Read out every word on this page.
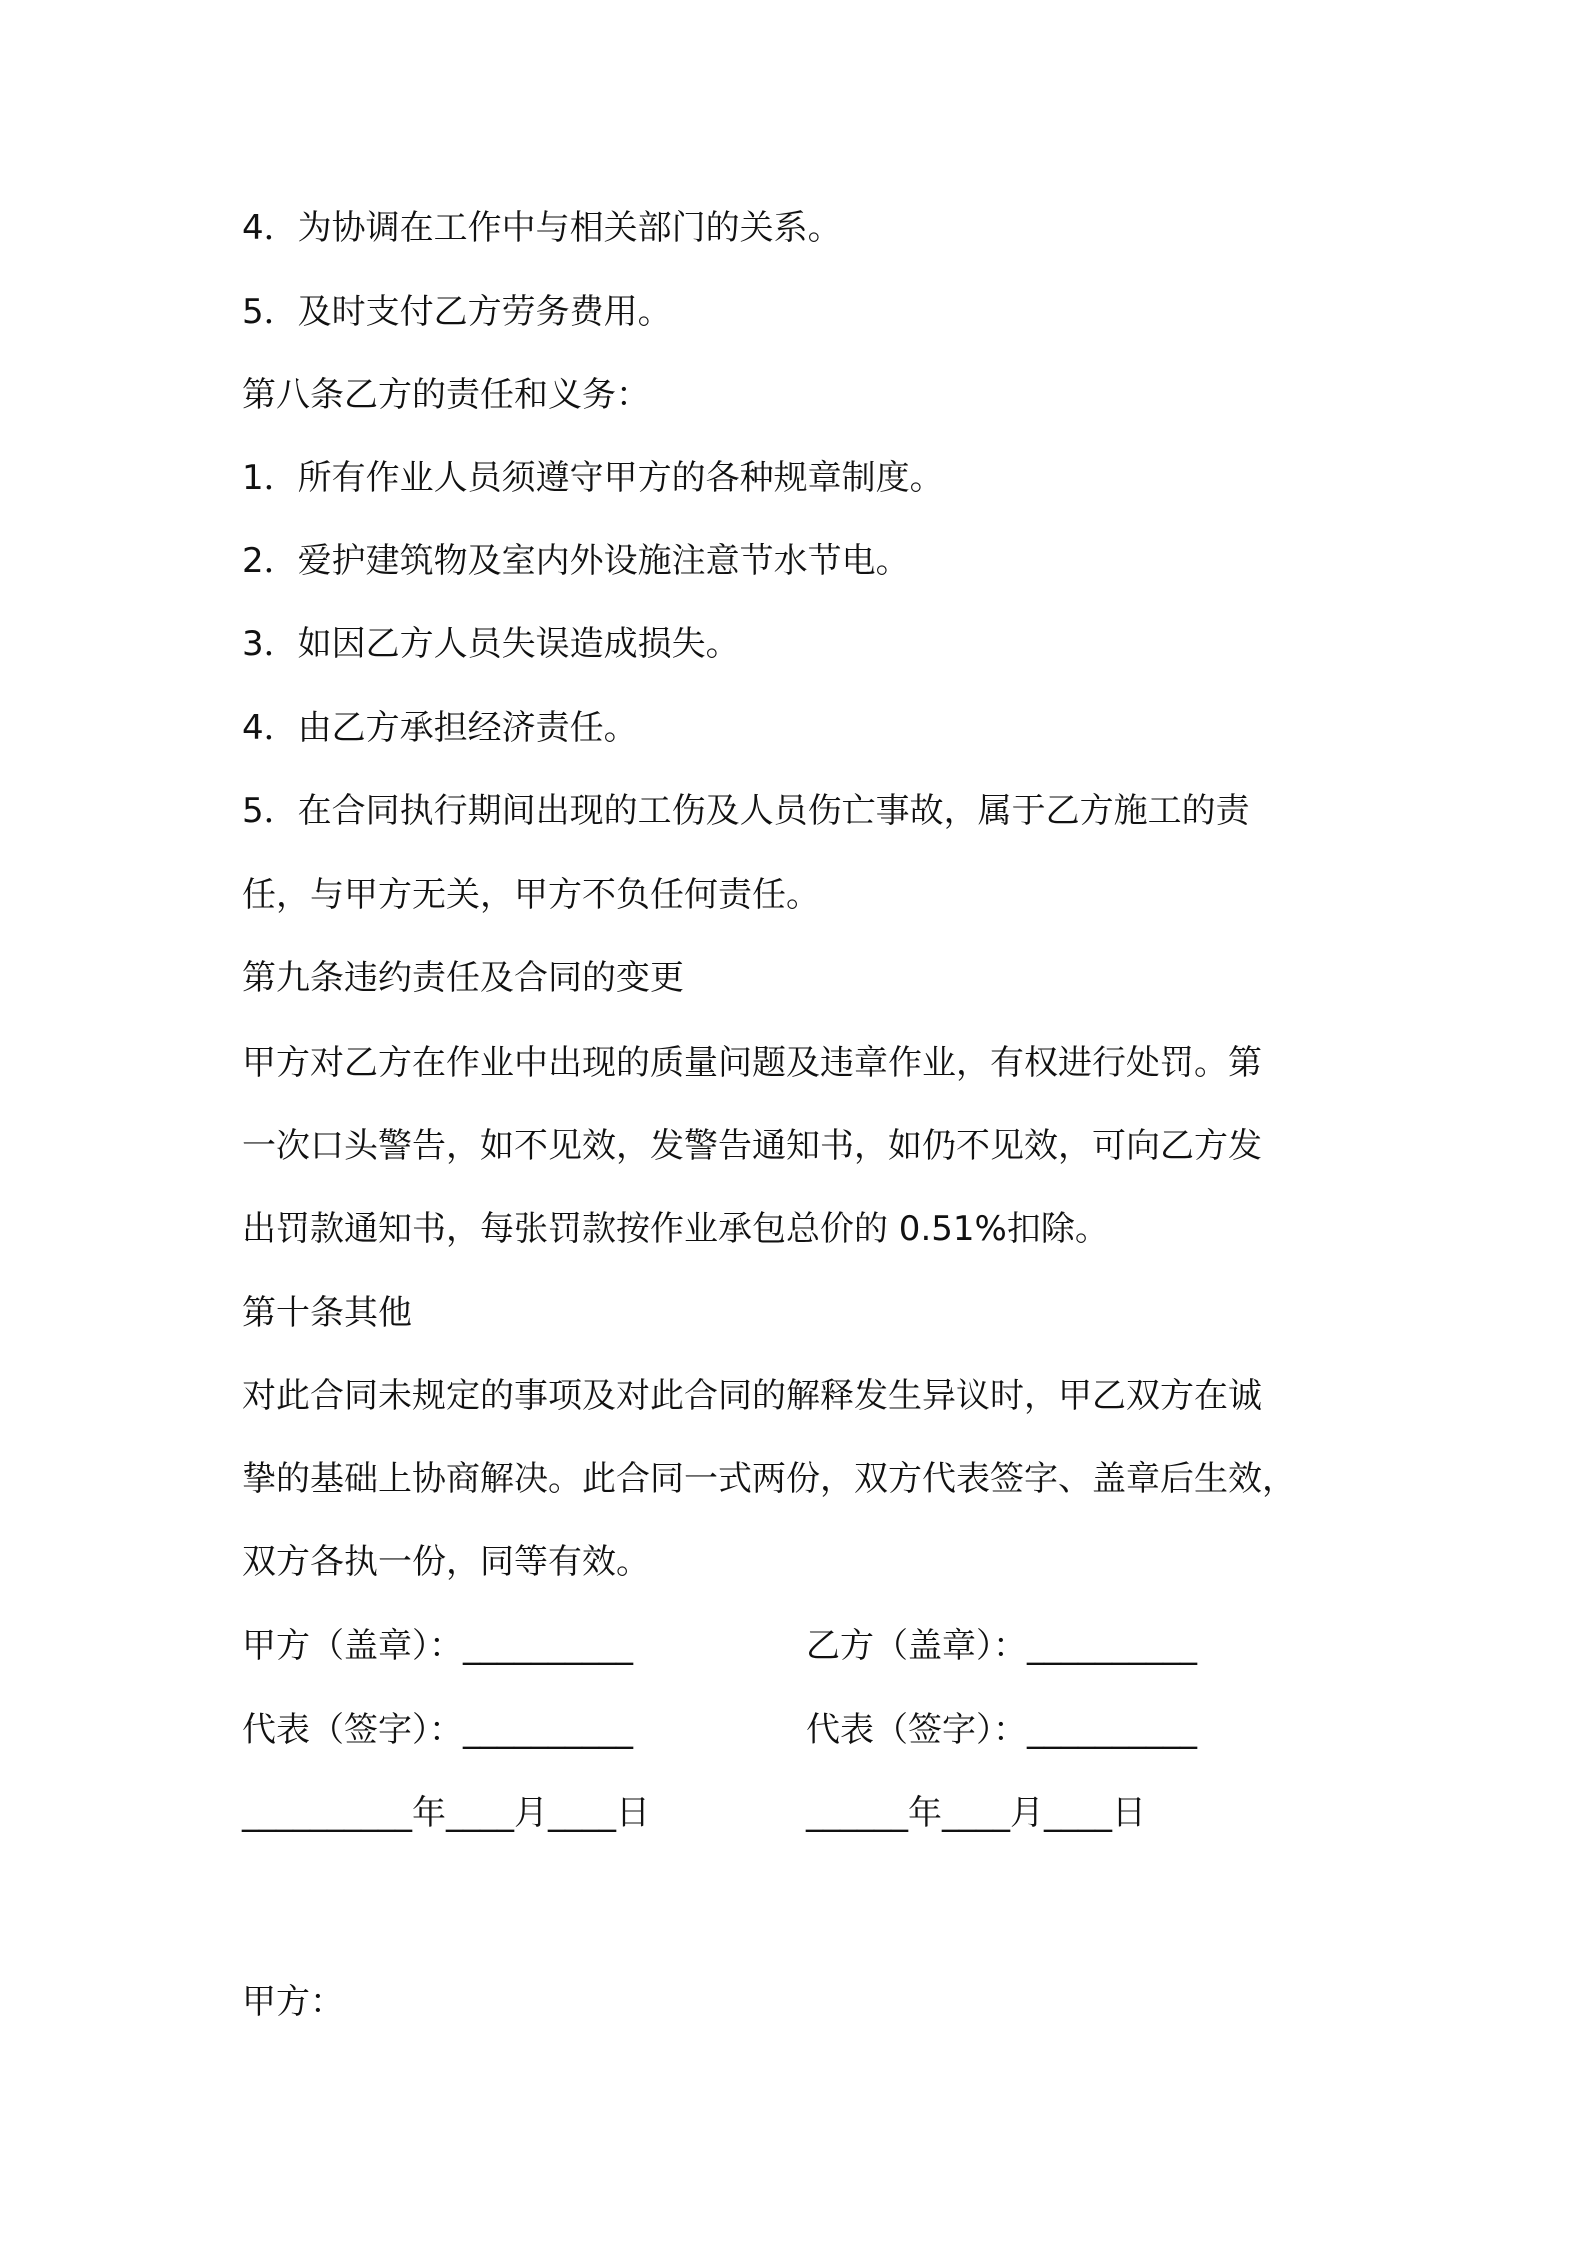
4．为协调在工作中与相关部门的关系。
5．及时支付乙方劳务费用。
第八条乙方的责任和义务：
1．所有作业人员须遵守甲方的各种规章制度。
2．爱护建筑物及室内外设施注意节水节电。
3．如因乙方人员失误造成损失。
4．由乙方承担经济责任。
5．在合同执行期间出现的工伤及人员伤亡事故，属于乙方施工的责
任，与甲方无关，甲方不负任何责任。
第九条违约责任及合同的变更
甲方对乙方在作业中出现的质量问题及违章作业，有权进行处罚。第
一次口头警告，如不见效，发警告通知书，如仍不见效，可向乙方发
出罚款通知书，每张罚款按作业承包总价的 0.51%扣除。
第十条其他
对此合同未规定的事项及对此合同的解释发生异议时，甲乙双方在诚
挚的基础上协商解决。此合同一式两份，双方代表签字、盖章后生效，
双方各执一份，同等有效。
甲方（盖章）：__________	乙方（盖章）：__________
代表（签字）：__________	代表（签字）：__________
__________年____月____日	______年____月____日
甲方：
